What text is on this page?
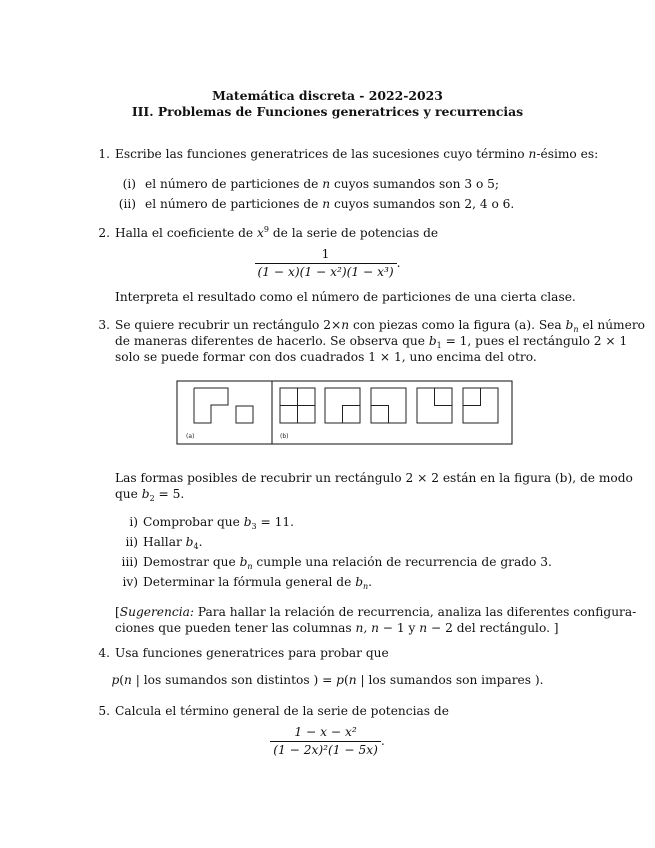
Matemática discreta - 2022-2023
III. Problemas de Funciones generatrices y recurrencias
1. Escribe las funciones generatrices de las sucesiones cuyo término n-ésimo es:
(i) el número de particiones de n cuyos sumandos son 3 o 5;
(ii) el número de particiones de n cuyos sumandos son 2, 4 o 6.
2. Halla el coeficiente de $x^9$ de la serie de potencias de
$\frac{1}{\text{(1 − x)(1 − x²)(1 − x³)}}$ .
Interpreta el resultado como el número de particiones de una cierta clase.
3. Se quiere recubrir un rectángulo 2×n con piezas como la figura (a). Sea $b_n$ el número
de maneras diferentes de hacerlo. Se observa que $b_1 = 1$, pues el rectángulo 2 × 1
solo se puede formar con dos cuadrados 1 × 1, uno encima del otro.
(a)	(b)
Las formas posibles de recubrir un rectángulo 2 × 2 están en la figura (b), de modo
que $b_2 = 5$.
i) Comprobar que $b_3 = 11$.
ii) Hallar $b_4$.
iii) Demostrar que $b_n$ cumple una relación de recurrencia de grado 3.
iv) Determinar la fórmula general de $b_n$.
[Sugerencia: Para hallar la relación de recurrencia, analiza las diferentes configura-
ciones que pueden tener las columnas n, n − 1 y n − 2 del rectángulo. ]
4. Usa funciones generatrices para probar que
p(n | los sumandos son distintos ) = p(n | los sumandos son impares ).
5. Calcula el término general de la serie de potencias de
$\frac{\text{1 − x − x²}}{\text{(1 − 2x)²(1 − 5x)}}$ .
